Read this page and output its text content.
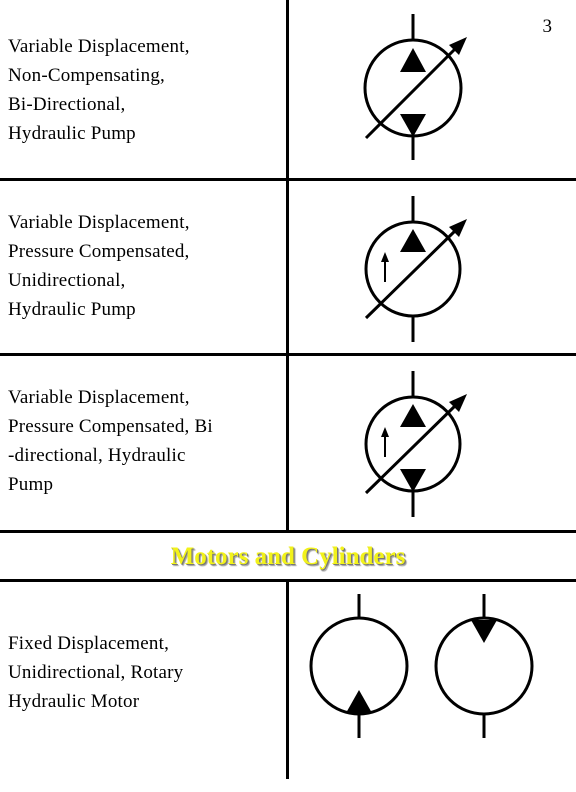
3
Variable Displacement,
Non-Compensating,
Bi-Directional,
Hydraulic Pump
Variable Displacement,
Pressure Compensated,
Unidirectional,
Hydraulic Pump
Variable Displacement,
Pressure Compensated, Bi
-directional, Hydraulic
Pump
Motors and Cylinders
Fixed Displacement,
Unidirectional, Rotary
Hydraulic Motor
